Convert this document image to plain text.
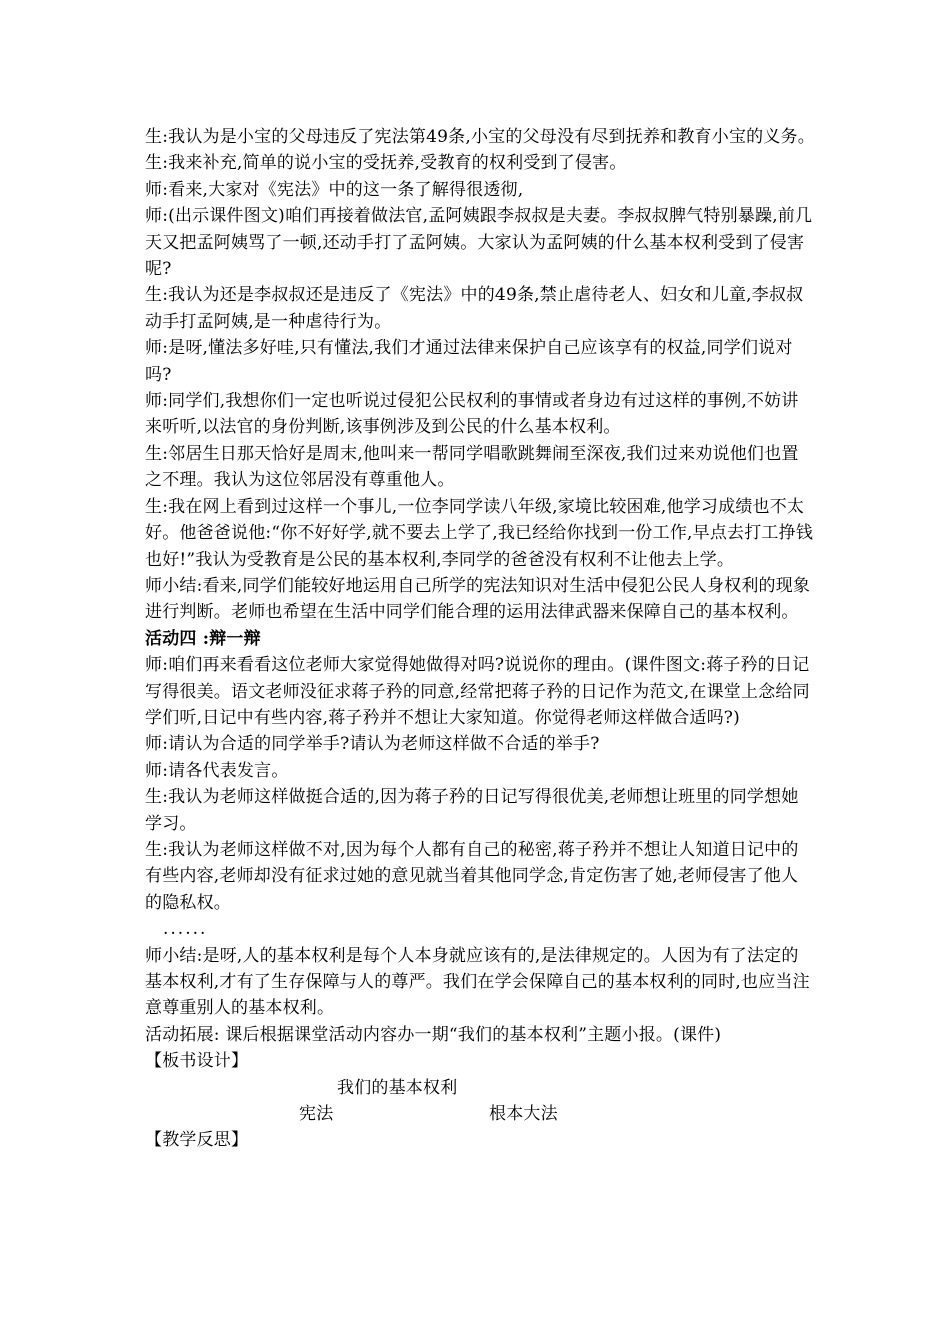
生:我认为是小宝的父母违反了宪法第49条,小宝的父母没有尽到抚养和教育小宝的义务。

生:我来补充,简单的说小宝的受抚养,受教育的权利受到了侵害。

师:看来,大家对《宪法》中的这一条了解得很透彻,

师:(出示课件图文)咱们再接着做法官,孟阿姨跟李叔叔是夫妻。李叔叔脾气特别暴躁,前几天又把孟阿姨骂了一顿,还动手打了孟阿姨。大家认为孟阿姨的什么基本权利受到了侵害呢?

生:我认为还是李叔叔还是违反了《宪法》中的49条,禁止虐待老人、妇女和儿童,李叔叔动手打孟阿姨,是一种虐待行为。

师:是呀,懂法多好哇,只有懂法,我们才通过法律来保护自己应该享有的权益,同学们说对吗?

师:同学们,我想你们一定也听说过侵犯公民权利的事情或者身边有过这样的事例,不妨讲来听听,以法官的身份判断,该事例涉及到公民的什么基本权利。

生:邻居生日那天恰好是周末,他叫来一帮同学唱歌跳舞闹至深夜,我们过来劝说他们也置之不理。我认为这位邻居没有尊重他人。

生:我在网上看到过这样一个事儿,一位李同学读八年级,家境比较困难,他学习成绩也不太好。他爸爸说他:“你不好好学,就不要去上学了,我已经给你找到一份工作,早点去打工挣钱也好!”我认为受教育是公民的基本权利,李同学的爸爸没有权利不让他去上学。

师小结:看来,同学们能较好地运用自己所学的宪法知识对生活中侵犯公民人身权利的现象进行判断。老师也希望在生活中同学们能合理的运用法律武器来保障自己的基本权利。

活动四 :辩一辩

师:咱们再来看看这位老师大家觉得她做得对吗?说说你的理由。(课件图文:蒋子矜的日记写得很美。语文老师没征求蒋子矜的同意,经常把蒋子矜的日记作为范文,在课堂上念给同学们听,日记中有些内容,蒋子矜并不想让大家知道。你觉得老师这样做合适吗?)

师:请认为合适的同学举手?请认为老师这样做不合适的举手?

师:请各代表发言。

生:我认为老师这样做挺合适的,因为蒋子矜的日记写得很优美,老师想让班里的同学想她学习。

生:我认为老师这样做不对,因为每个人都有自己的秘密,蒋子矜并不想让人知道日记中的有些内容,老师却没有征求过她的意见就当着其他同学念,肯定伤害了她,老师侵害了他人的隐私权。

......

师小结:是呀,人的基本权利是每个人本身就应该有的,是法律规定的。人因为有了法定的基本权利,才有了生存保障与人的尊严。我们在学会保障自己的基本权利的同时,也应当注意尊重别人的基本权利。

活动拓展: 课后根据课堂活动内容办一期“我们的基本权利”主题小报。(课件)

【板书设计】

我们的基本权利
宪法	根本大法

【教学反思】
